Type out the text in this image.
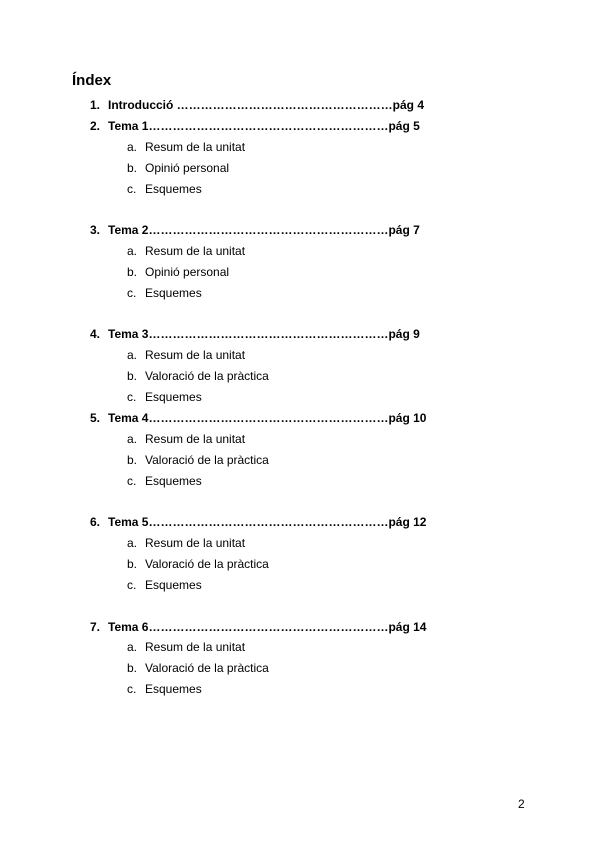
Índex
1. Introducció ………………………………………………pág 4
2. Tema 1……………………………………………………pág 5
a. Resum de la unitat
b. Opinió personal
c. Esquemes
3. Tema 2……………………………………………………pág 7
a. Resum de la unitat
b. Opinió personal
c. Esquemes
4. Tema 3……………………………………………………pág 9
a. Resum de la unitat
b. Valoració de la pràctica
c. Esquemes
5. Tema 4……………………………………………………pág 10
a. Resum de la unitat
b. Valoració de la pràctica
c. Esquemes
6. Tema 5……………………………………………………pág 12
a. Resum de la unitat
b. Valoració de la pràctica
c. Esquemes
7. Tema 6……………………………………………………pág 14
a. Resum de la unitat
b. Valoració de la pràctica
c. Esquemes
2
